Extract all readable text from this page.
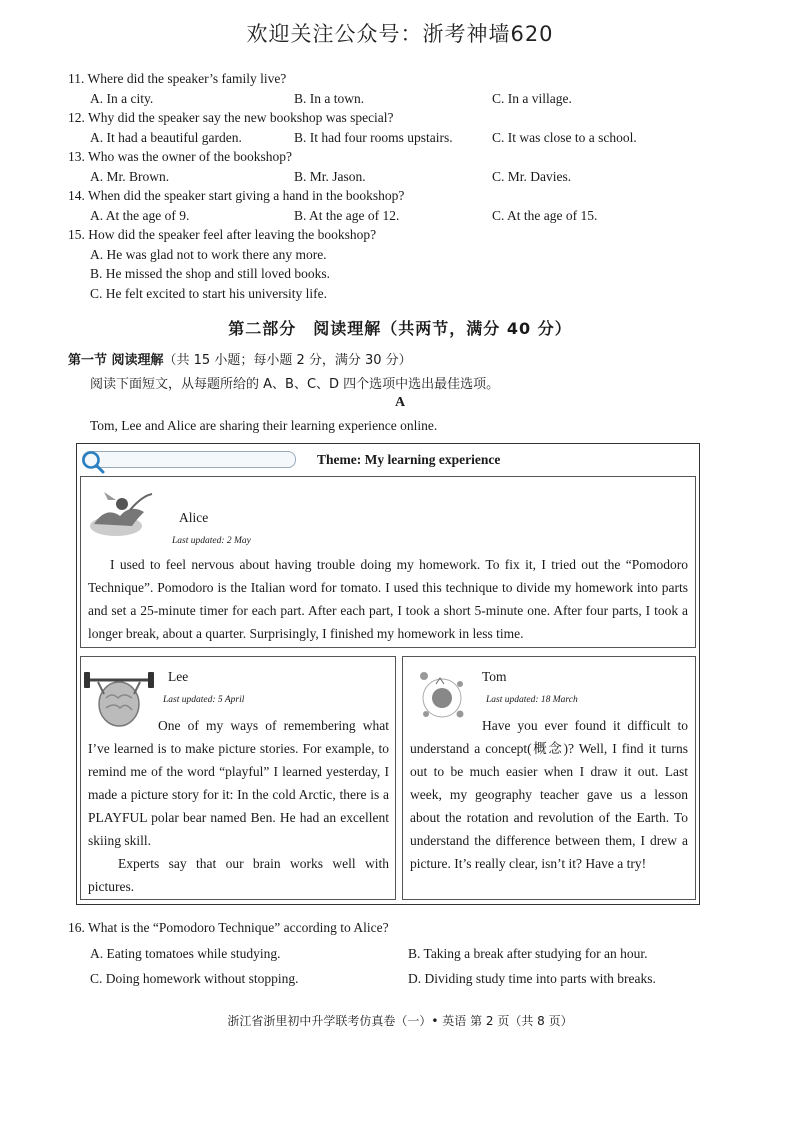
欢迎关注公众号：浙考神墙620
11. Where did the speaker’s family live?
A. In a city.	B. In a town.	C. In a village.
12. Why did the speaker say the new bookshop was special?
A. It had a beautiful garden.	B. It had four rooms upstairs.	C. It was close to a school.
13. Who was the owner of the bookshop?
A. Mr. Brown.	B. Mr. Jason.	C. Mr. Davies.
14. When did the speaker start giving a hand in the bookshop?
A. At the age of 9.	B. At the age of 12.	C. At the age of 15.
15. How did the speaker feel after leaving the bookshop?
A. He was glad not to work there any more.
B. He missed the shop and still loved books.
C. He felt excited to start his university life.
第二部分　阅读理解（共两节，满分 40 分）
第一节 阅读理解（共 15 小题；每小题 2 分，满分 30 分）
阅读下面短文，从每题所给的 A、B、C、D 四个选项中选出最佳选项。
A
Tom, Lee and Alice are sharing their learning experience online.
Theme: My learning experience
Alice
Last updated: 2 May
I used to feel nervous about having trouble doing my homework. To fix it, I tried out the “Pomodoro Technique”. Pomodoro is the Italian word for tomato. I used this technique to divide my homework into parts and set a 25-minute timer for each part. After each part, I took a short 5-minute one. After four parts, I took a longer break, about a quarter. Surprisingly, I finished my homework in less time.
Lee
Last updated: 5 April

One of my ways of remembering what I’ve learned is to make picture stories. For example, to remind me of the word “playful” I learned yesterday, I made a picture story for it: In the cold Arctic, there is a PLAYFUL polar bear named Ben. He had an excellent skiing skill.

Experts say that our brain works well with pictures.

Tom
Last updated: 18 March
Have you ever found it difficult to understand a concept(概念)? Well, I find it turns out to be much easier when I draw it out. Last week, my geography teacher gave us a lesson about the rotation and revolution of the Earth. To understand the difference between them, I drew a picture. It’s really clear, isn’t it? Have a try!
16. What is the “Pomodoro Technique” according to Alice?
A. Eating tomatoes while studying.	B. Taking a break after studying for an hour.
C. Doing homework without stopping.	D. Dividing study time into parts with breaks.
浙江省浙里初中升学联考仿真卷（一）• 英语 第 2 页（共 8 页）
